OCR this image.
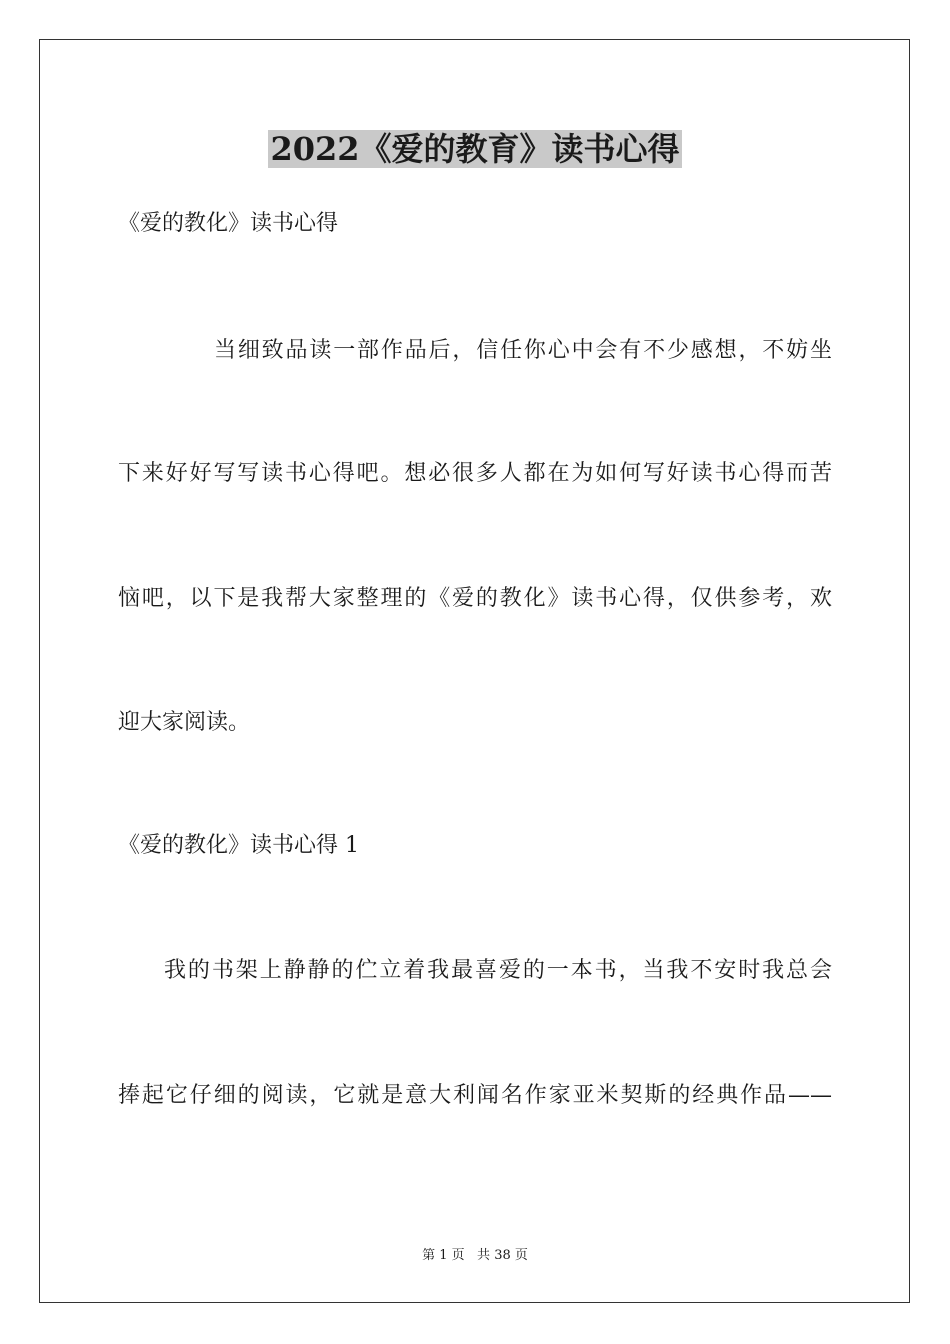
2022《爱的教育》读书心得
《爱的教化》读书心得
当细致品读一部作品后，信任你心中会有不少感想，不妨坐
下来好好写写读书心得吧。想必很多人都在为如何写好读书心得而苦
恼吧，以下是我帮大家整理的《爱的教化》读书心得，仅供参考，欢
迎大家阅读。
《爱的教化》读书心得 1
我的书架上静静的伫立着我最喜爱的一本书，当我不安时我总会
捧起它仔细的阅读，它就是意大利闻名作家亚米契斯的经典作品——
第 1 页   共 38 页
